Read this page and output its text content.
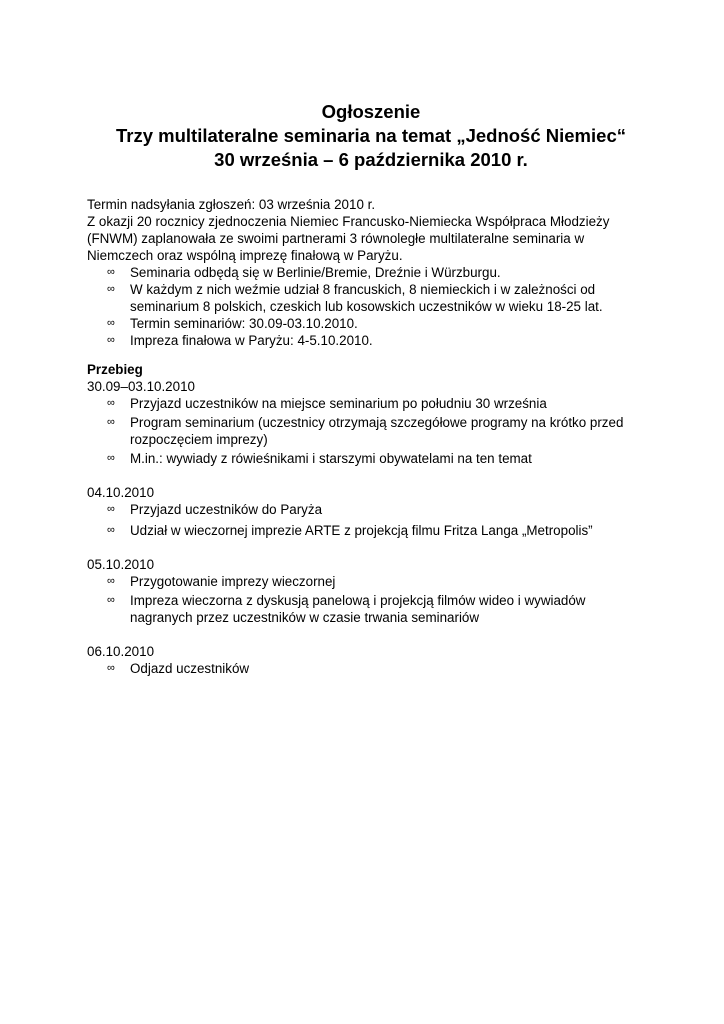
Ogłoszenie
Trzy multilateralne seminaria na temat „Jedność Niemiec“
30 września – 6 października 2010 r.
Termin nadsyłania zgłoszeń: 03 września 2010 r.
Z okazji 20 rocznicy zjednoczenia Niemiec Francusko-Niemiecka Współpraca Młodzieży
(FNWM) zaplanowała ze swoimi partnerami 3 równoległe multilateralne seminaria w
Niemczech oraz wspólną imprezę finałową w Paryżu.
∞ Seminaria odbędą się w Berlinie/Bremie, Dreźnie i Würzburgu.
∞ W każdym z nich weźmie udział 8 francuskich, 8 niemieckich i w zależności od
seminarium 8 polskich, czeskich lub kosowskich uczestników w wieku 18-25 lat.
∞ Termin seminariów: 30.09-03.10.2010.
∞ Impreza finałowa w Paryżu: 4-5.10.2010.
Przebieg
30.09–03.10.2010
∞ Przyjazd uczestników na miejsce seminarium po południu 30 września
∞ Program seminarium (uczestnicy otrzymają szczegółowe programy na krótko przed
rozpoczęciem imprezy)
∞ M.in.: wywiady z rówieśnikami i starszymi obywatelami na ten temat
04.10.2010
∞ Przyjazd uczestników do Paryża
∞ Udział w wieczornej imprezie ARTE z projekcją filmu Fritza Langa „Metropolis”
05.10.2010
∞ Przygotowanie imprezy wieczornej
∞ Impreza wieczorna z dyskusją panelową i projekcją filmów wideo i wywiadów
nagranych przez uczestników w czasie trwania seminariów
06.10.2010
∞ Odjazd uczestników
